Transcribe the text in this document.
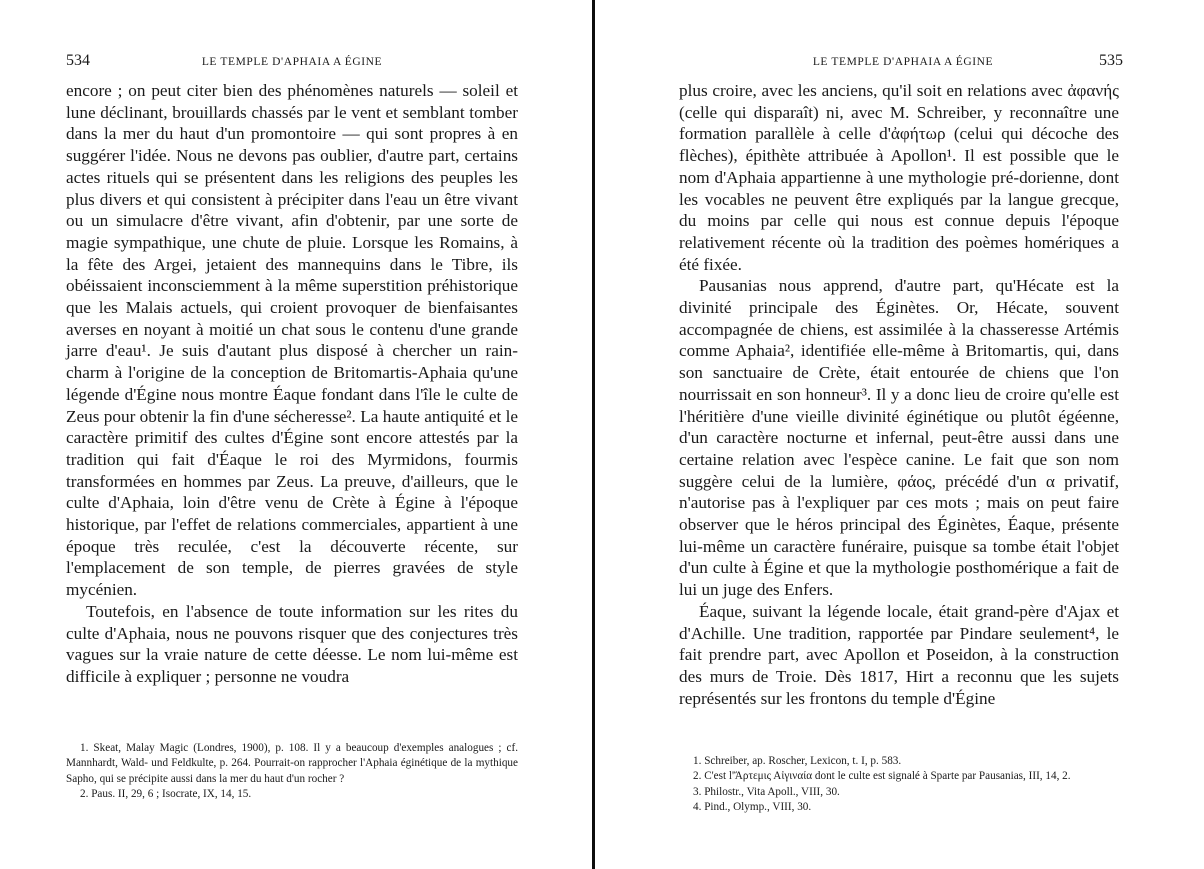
534	LE TEMPLE D'APHAIA A ÉGINE

encore ; on peut citer bien des phénomènes naturels — soleil et lune déclinant, brouillards chassés par le vent et semblant tomber dans la mer du haut d'un promontoire — qui sont propres à en suggérer l'idée. Nous ne devons pas oublier, d'autre part, certains actes rituels qui se présentent dans les religions des peuples les plus divers et qui consistent à précipiter dans l'eau un être vivant ou un simulacre d'être vivant, afin d'obtenir, par une sorte de magie sympathique, une chute de pluie. Lorsque les Romains, à la fête des Argei, jetaient des mannequins dans le Tibre, ils obéissaient inconsciemment à la même superstition préhistorique que les Malais actuels, qui croient provoquer de bienfaisantes averses en noyant à moitié un chat sous le contenu d'une grande jarre d'eau¹. Je suis d'autant plus disposé à chercher un rain-charm à l'origine de la conception de Britomartis-Aphaia qu'une légende d'Égine nous montre Éaque fondant dans l'île le culte de Zeus pour obtenir la fin d'une sécheresse². La haute antiquité et le caractère primitif des cultes d'Égine sont encore attestés par la tradition qui fait d'Éaque le roi des Myrmidons, fourmis transformées en hommes par Zeus. La preuve, d'ailleurs, que le culte d'Aphaia, loin d'être venu de Crète à Égine à l'époque historique, par l'effet de relations commerciales, appartient à une époque très reculée, c'est la découverte récente, sur l'emplacement de son temple, de pierres gravées de style mycénien.

Toutefois, en l'absence de toute information sur les rites du culte d'Aphaia, nous ne pouvons risquer que des conjectures très vagues sur la vraie nature de cette déesse. Le nom lui-même est difficile à expliquer ; personne ne voudra

1. Skeat, Malay Magic (Londres, 1900), p. 108. Il y a beaucoup d'exemples analogues ; cf. Mannhardt, Wald- und Feldkulte, p. 264. Pourrait-on rapprocher l'Aphaia éginétique de la mythique Sapho, qui se précipite aussi dans la mer du haut d'un rocher ?

2. Paus. II, 29, 6 ; Isocrate, IX, 14, 15.

LE TEMPLE D'APHAIA A ÉGINE	535

plus croire, avec les anciens, qu'il soit en relations avec ἀφανής (celle qui disparaît) ni, avec M. Schreiber, y reconnaître une formation parallèle à celle d'ἀφήτωρ (celui qui décoche des flèches), épithète attribuée à Apollon¹. Il est possible que le nom d'Aphaia appartienne à une mythologie pré-dorienne, dont les vocables ne peuvent être expliqués par la langue grecque, du moins par celle qui nous est connue depuis l'époque relativement récente où la tradition des poèmes homériques a été fixée.

Pausanias nous apprend, d'autre part, qu'Hécate est la divinité principale des Éginètes. Or, Hécate, souvent accompagnée de chiens, est assimilée à la chasseresse Artémis comme Aphaia², identifiée elle-même à Britomartis, qui, dans son sanctuaire de Crète, était entourée de chiens que l'on nourrissait en son honneur³. Il y a donc lieu de croire qu'elle est l'héritière d'une vieille divinité éginétique ou plutôt égéenne, d'un caractère nocturne et infernal, peut-être aussi dans une certaine relation avec l'espèce canine. Le fait que son nom suggère celui de la lumière, φάος, précédé d'un α privatif, n'autorise pas à l'expliquer par ces mots ; mais on peut faire observer que le héros principal des Éginètes, Éaque, présente lui-même un caractère funéraire, puisque sa tombe était l'objet d'un culte à Égine et que la mythologie posthomérique a fait de lui un juge des Enfers.

Éaque, suivant la légende locale, était grand-père d'Ajax et d'Achille. Une tradition, rapportée par Pindare seulement⁴, le fait prendre part, avec Apollon et Poseidon, à la construction des murs de Troie. Dès 1817, Hirt a reconnu que les sujets représentés sur les frontons du temple d'Égine

1. Schreiber, ap. Roscher, Lexicon, t. I, p. 583.

2. C'est l'Ἄρτεμις Αἰγιναία dont le culte est signalé à Sparte par Pausanias, III, 14, 2.

3. Philostr., Vita Apoll., VIII, 30.

4. Pind., Olymp., VIII, 30.
